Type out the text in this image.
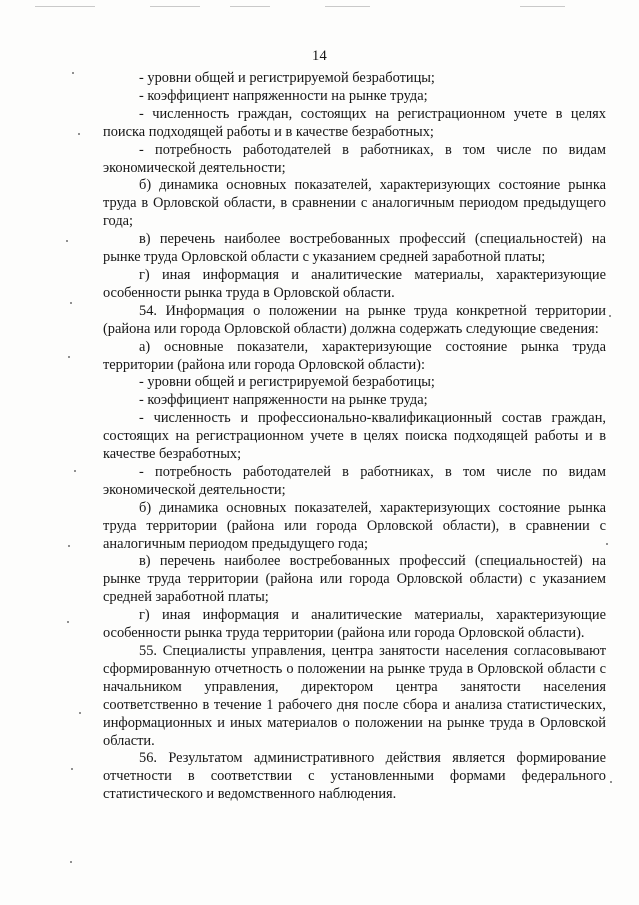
14

- уровни общей и регистрируемой безработицы;

- коэффициент напряженности на рынке труда;

- численность граждан, состоящих на регистрационном учете в целях поиска подходящей работы и в качестве безработных;

- потребность работодателей в работниках, в том числе по видам экономической деятельности;

б) динамика основных показателей, характеризующих состояние рынка труда в Орловской области, в сравнении с аналогичным периодом предыдущего года;

в) перечень наиболее востребованных профессий (специальностей) на рынке труда Орловской области с указанием средней заработной платы;

г) иная информация и аналитические материалы, характеризующие особенности рынка труда в Орловской области.

54. Информация о положении на рынке труда конкретной территории (района или города Орловской области) должна содержать следующие сведения:

а) основные показатели, характеризующие состояние рынка труда территории (района или города Орловской области):

- уровни общей и регистрируемой безработицы;

- коэффициент напряженности на рынке труда;

- численность и профессионально-квалификационный состав граждан, состоящих на регистрационном учете в целях поиска подходящей работы и в качестве безработных;

- потребность работодателей в работниках, в том числе по видам экономической деятельности;

б) динамика основных показателей, характеризующих состояние рынка труда территории (района или города Орловской области), в сравнении с аналогичным периодом предыдущего года;

в) перечень наиболее востребованных профессий (специальностей) на рынке труда территории (района или города Орловской области) с указанием средней заработной платы;

г) иная информация и аналитические материалы, характеризующие особенности рынка труда территории (района или города Орловской области).

55. Специалисты управления, центра занятости населения согласовывают сформированную отчетность о положении на рынке труда в Орловской области с начальником управления, директором центра занятости населения соответственно в течение 1 рабочего дня после сбора и анализа статистических, информационных и иных материалов о положении на рынке труда в Орловской области.

56. Результатом административного действия является формирование отчетности в соответствии с установленными формами федерального статистического и ведомственного наблюдения.
